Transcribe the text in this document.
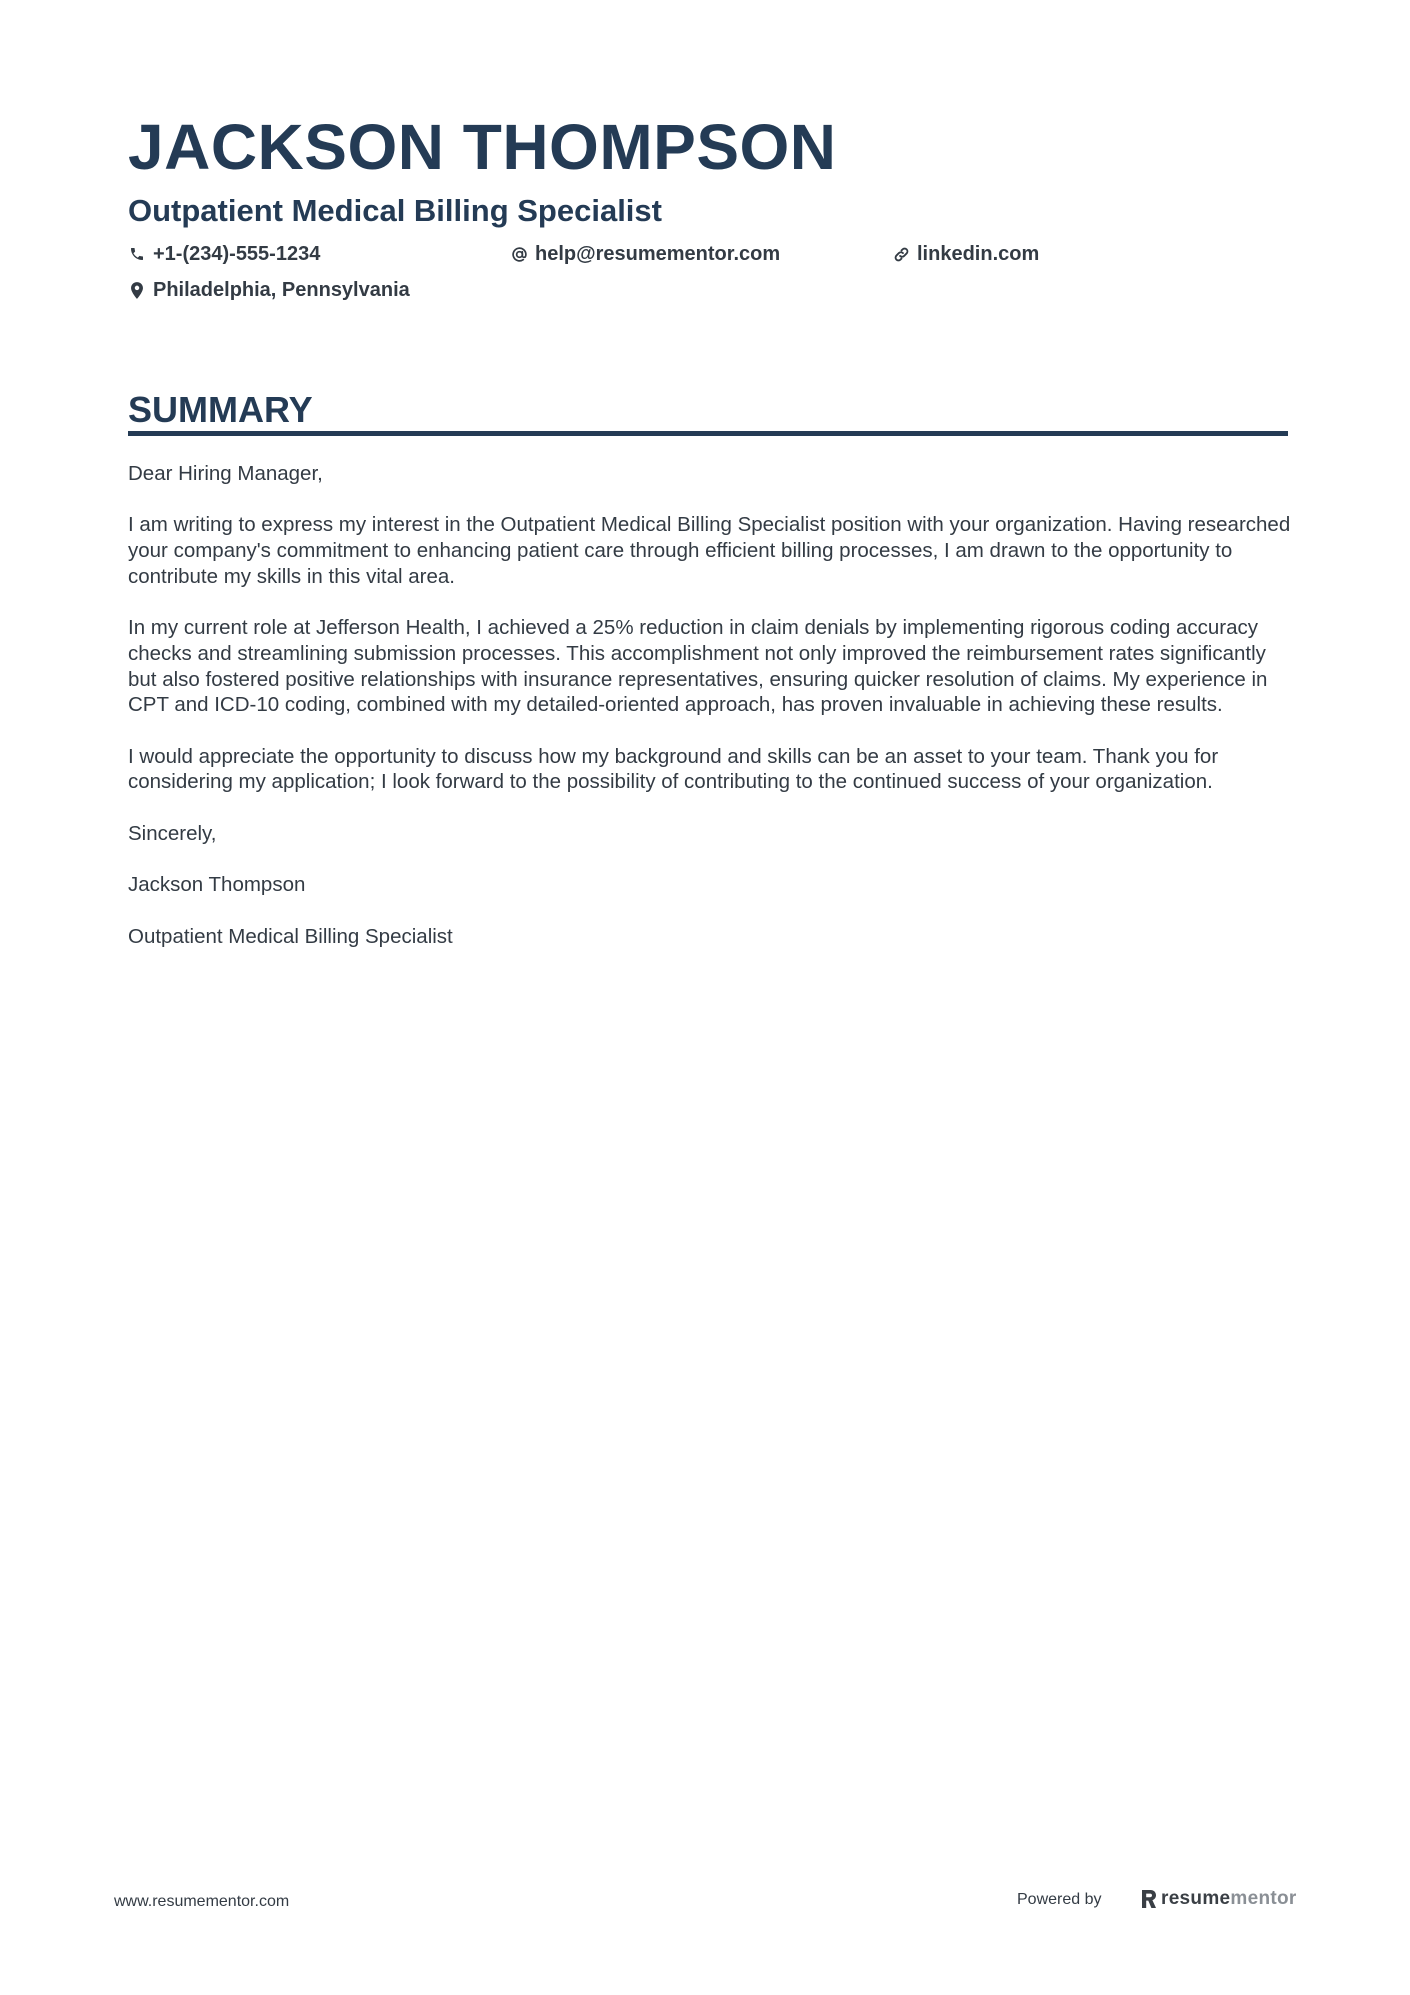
JACKSON THOMPSON
Outpatient Medical Billing Specialist
+1-(234)-555-1234	help@resumementor.com	linkedin.com
Philadelphia, Pennsylvania
SUMMARY

Dear Hiring Manager,

I am writing to express my interest in the Outpatient Medical Billing Specialist position with your organization. Having researched your company's commitment to enhancing patient care through efficient billing processes, I am drawn to the opportunity to contribute my skills in this vital area.

In my current role at Jefferson Health, I achieved a 25% reduction in claim denials by implementing rigorous coding accuracy checks and streamlining submission processes. This accomplishment not only improved the reimbursement rates significantly but also fostered positive relationships with insurance representatives, ensuring quicker resolution of claims. My experience in CPT and ICD-10 coding, combined with my detailed-oriented approach, has proven invaluable in achieving these results.

I would appreciate the opportunity to discuss how my background and skills can be an asset to your team. Thank you for considering my application; I look forward to the possibility of contributing to the continued success of your organization.

Sincerely,

Jackson Thompson

Outpatient Medical Billing Specialist

www.resumementor.com	Powered by	resume mentor
